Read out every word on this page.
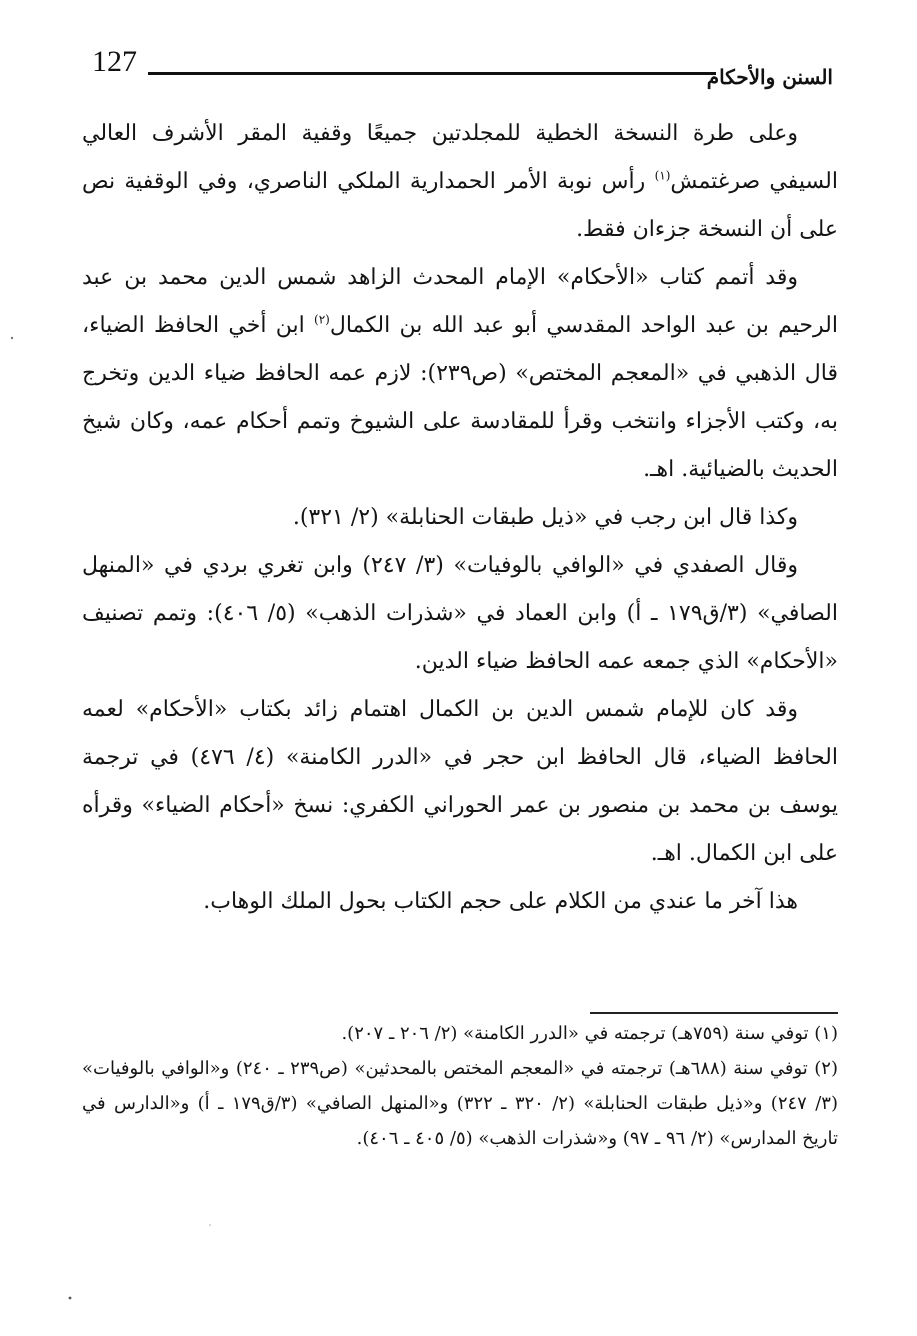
127	السنن والأحكام

وعلى طرة النسخة الخطية للمجلدتين جميعًا وقفية المقر الأشرف العالي السيفي صرغتمش$^{(١)}$ رأس نوبة الأمر الحمدارية الملكي الناصري، وفي الوقفية نص على أن النسخة جزءان فقط.

وقد أتمم كتاب «الأحكام» الإمام المحدث الزاهد شمس الدين محمد بن عبد الرحيم بن عبد الواحد المقدسي أبو عبد الله بن الكمال$^{(٢)}$ ابن أخي الحافظ الضياء، قال الذهبي في «المعجم المختص» (ص٢٣٩): لازم عمه الحافظ ضياء الدين وتخرج به، وكتب الأجزاء وانتخب وقرأ للمقادسة على الشيوخ وتمم أحكام عمه، وكان شيخ الحديث بالضيائية. اهـ.

وكذا قال ابن رجب في «ذيل طبقات الحنابلة» (٢/ ٣٢١).

وقال الصفدي في «الوافي بالوفيات» (٣/ ٢٤٧) وابن تغري بردي في «المنهل الصافي» (٣/ق١٧٩ ـ أ) وابن العماد في «شذرات الذهب» (٥/ ٤٠٦): وتمم تصنيف «الأحكام» الذي جمعه عمه الحافظ ضياء الدين.

وقد كان للإمام شمس الدين بن الكمال اهتمام زائد بكتاب «الأحكام» لعمه الحافظ الضياء، قال الحافظ ابن حجر في «الدرر الكامنة» (٤/ ٤٧٦) في ترجمة يوسف بن محمد بن منصور بن عمر الحوراني الكفري: نسخ «أحكام الضياء» وقرأه على ابن الكمال. اهـ.

هذا آخر ما عندي من الكلام على حجم الكتاب بحول الملك الوهاب.

(١) توفي سنة (٧٥٩هـ) ترجمته في «الدرر الكامنة» (٢/ ٢٠٦ ـ ٢٠٧).

(٢) توفي سنة (٦٨٨هـ) ترجمته في «المعجم المختص بالمحدثين» (ص٢٣٩ ـ ٢٤٠) و«الوافي بالوفيات» (٣/ ٢٤٧) و«ذيل طبقات الحنابلة» (٢/ ٣٢٠ ـ ٣٢٢) و«المنهل الصافي» (٣/ق١٧٩ ـ أ) و«الدارس في تاريخ المدارس» (٢/ ٩٦ ـ ٩٧) و«شذرات الذهب» (٥/ ٤٠٥ ـ ٤٠٦).
